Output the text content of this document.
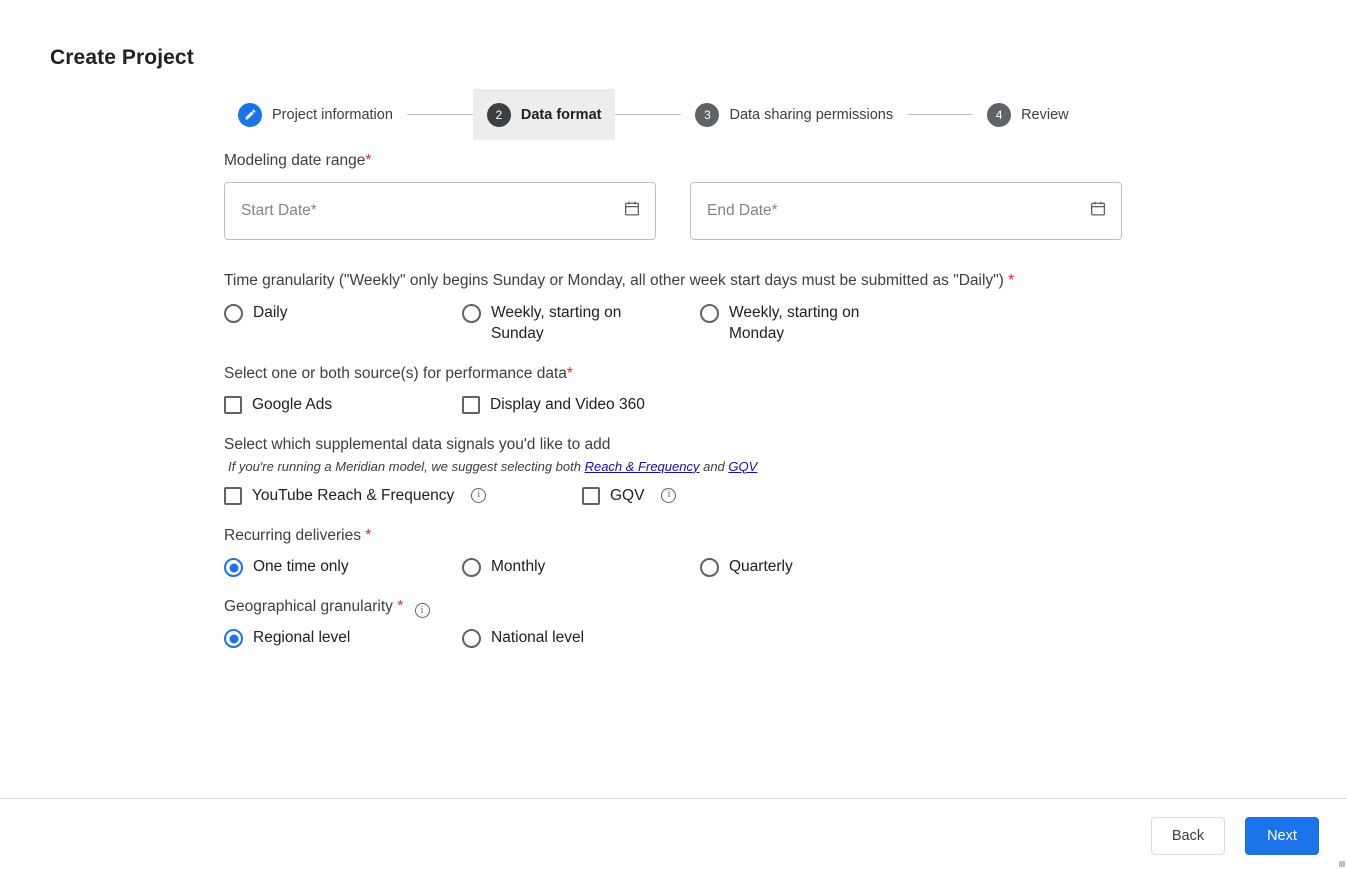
Create Project
Project information	2	Data format	3	Data sharing permissions	4	Review
Modeling date range*
Start Date*	End Date*
Time granularity ("Weekly" only begins Sunday or Monday, all other week start days must be submitted as "Daily") *
Daily	Weekly, starting on Sunday
Weekly, starting on Monday
Select one or both source(s) for performance data*
Google Ads	Display and Video 360
Select which supplemental data signals you'd like to add
If you're running a Meridian model, we suggest selecting both Reach & Frequency and GQV
YouTube Reach & Frequency	i	GQV	i
Recurring deliveries *
One time only	Monthly	Quarterly
Geographical granularity * i
Regional level	National level
Back	Next
